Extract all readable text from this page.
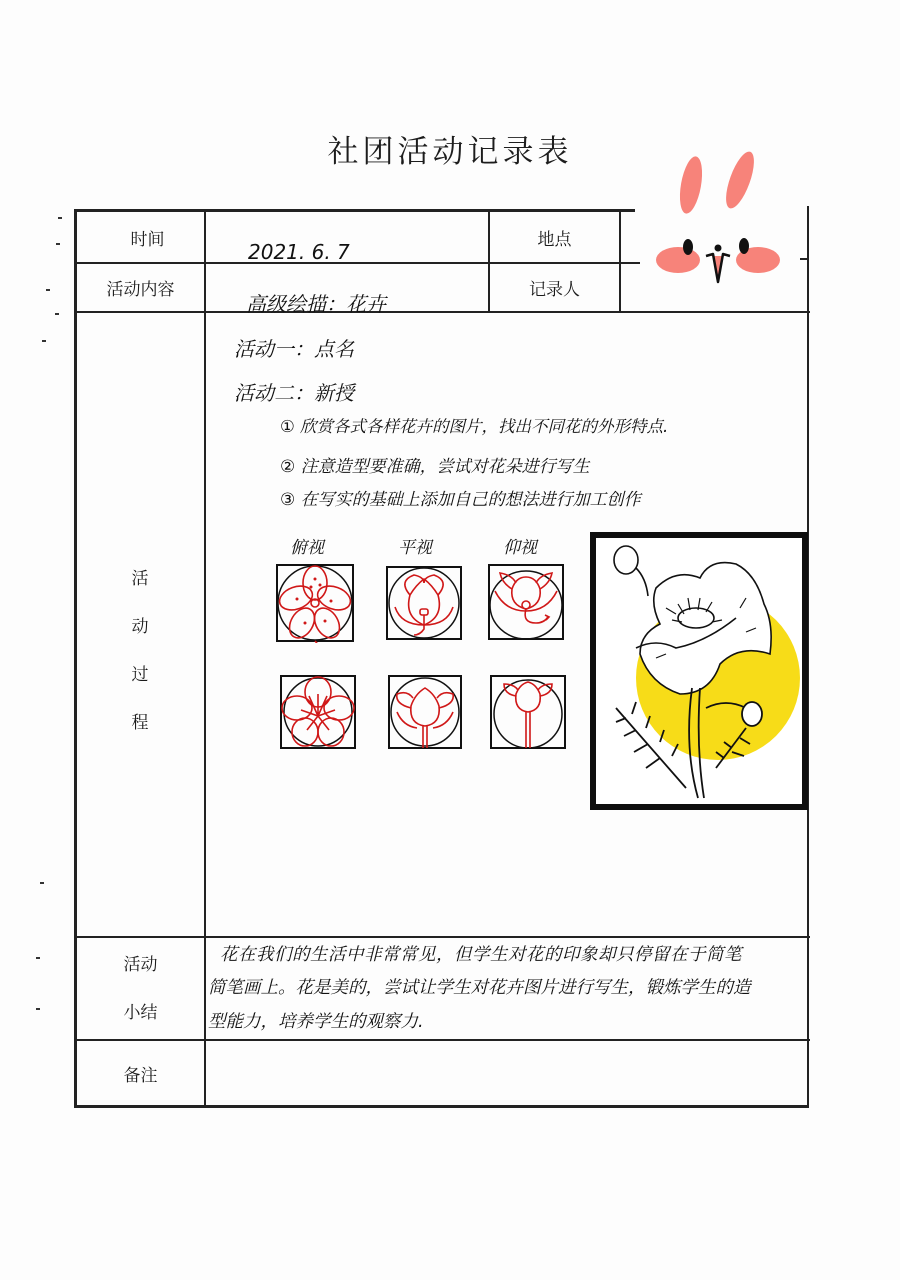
社团活动记录表
时间
2021. 6. 7
地点
活动内容
高级绘描：花卉
记录人
活
动
过
程
活动一：点名
活动二：新授
① 欣赏各式各样花卉的图片，找出不同花的外形特点.
② 注意造型要准确，尝试对花朵进行写生
③ 在写实的基础上添加自己的想法进行加工创作
俯视	平视	仰视
活动
小结
花在我们的生活中非常常见，但学生对花的印象却只停留在于简笔
简笔画上。花是美的，尝试让学生对花卉图片进行写生，锻炼学生的造
型能力，培养学生的观察力.
备注
